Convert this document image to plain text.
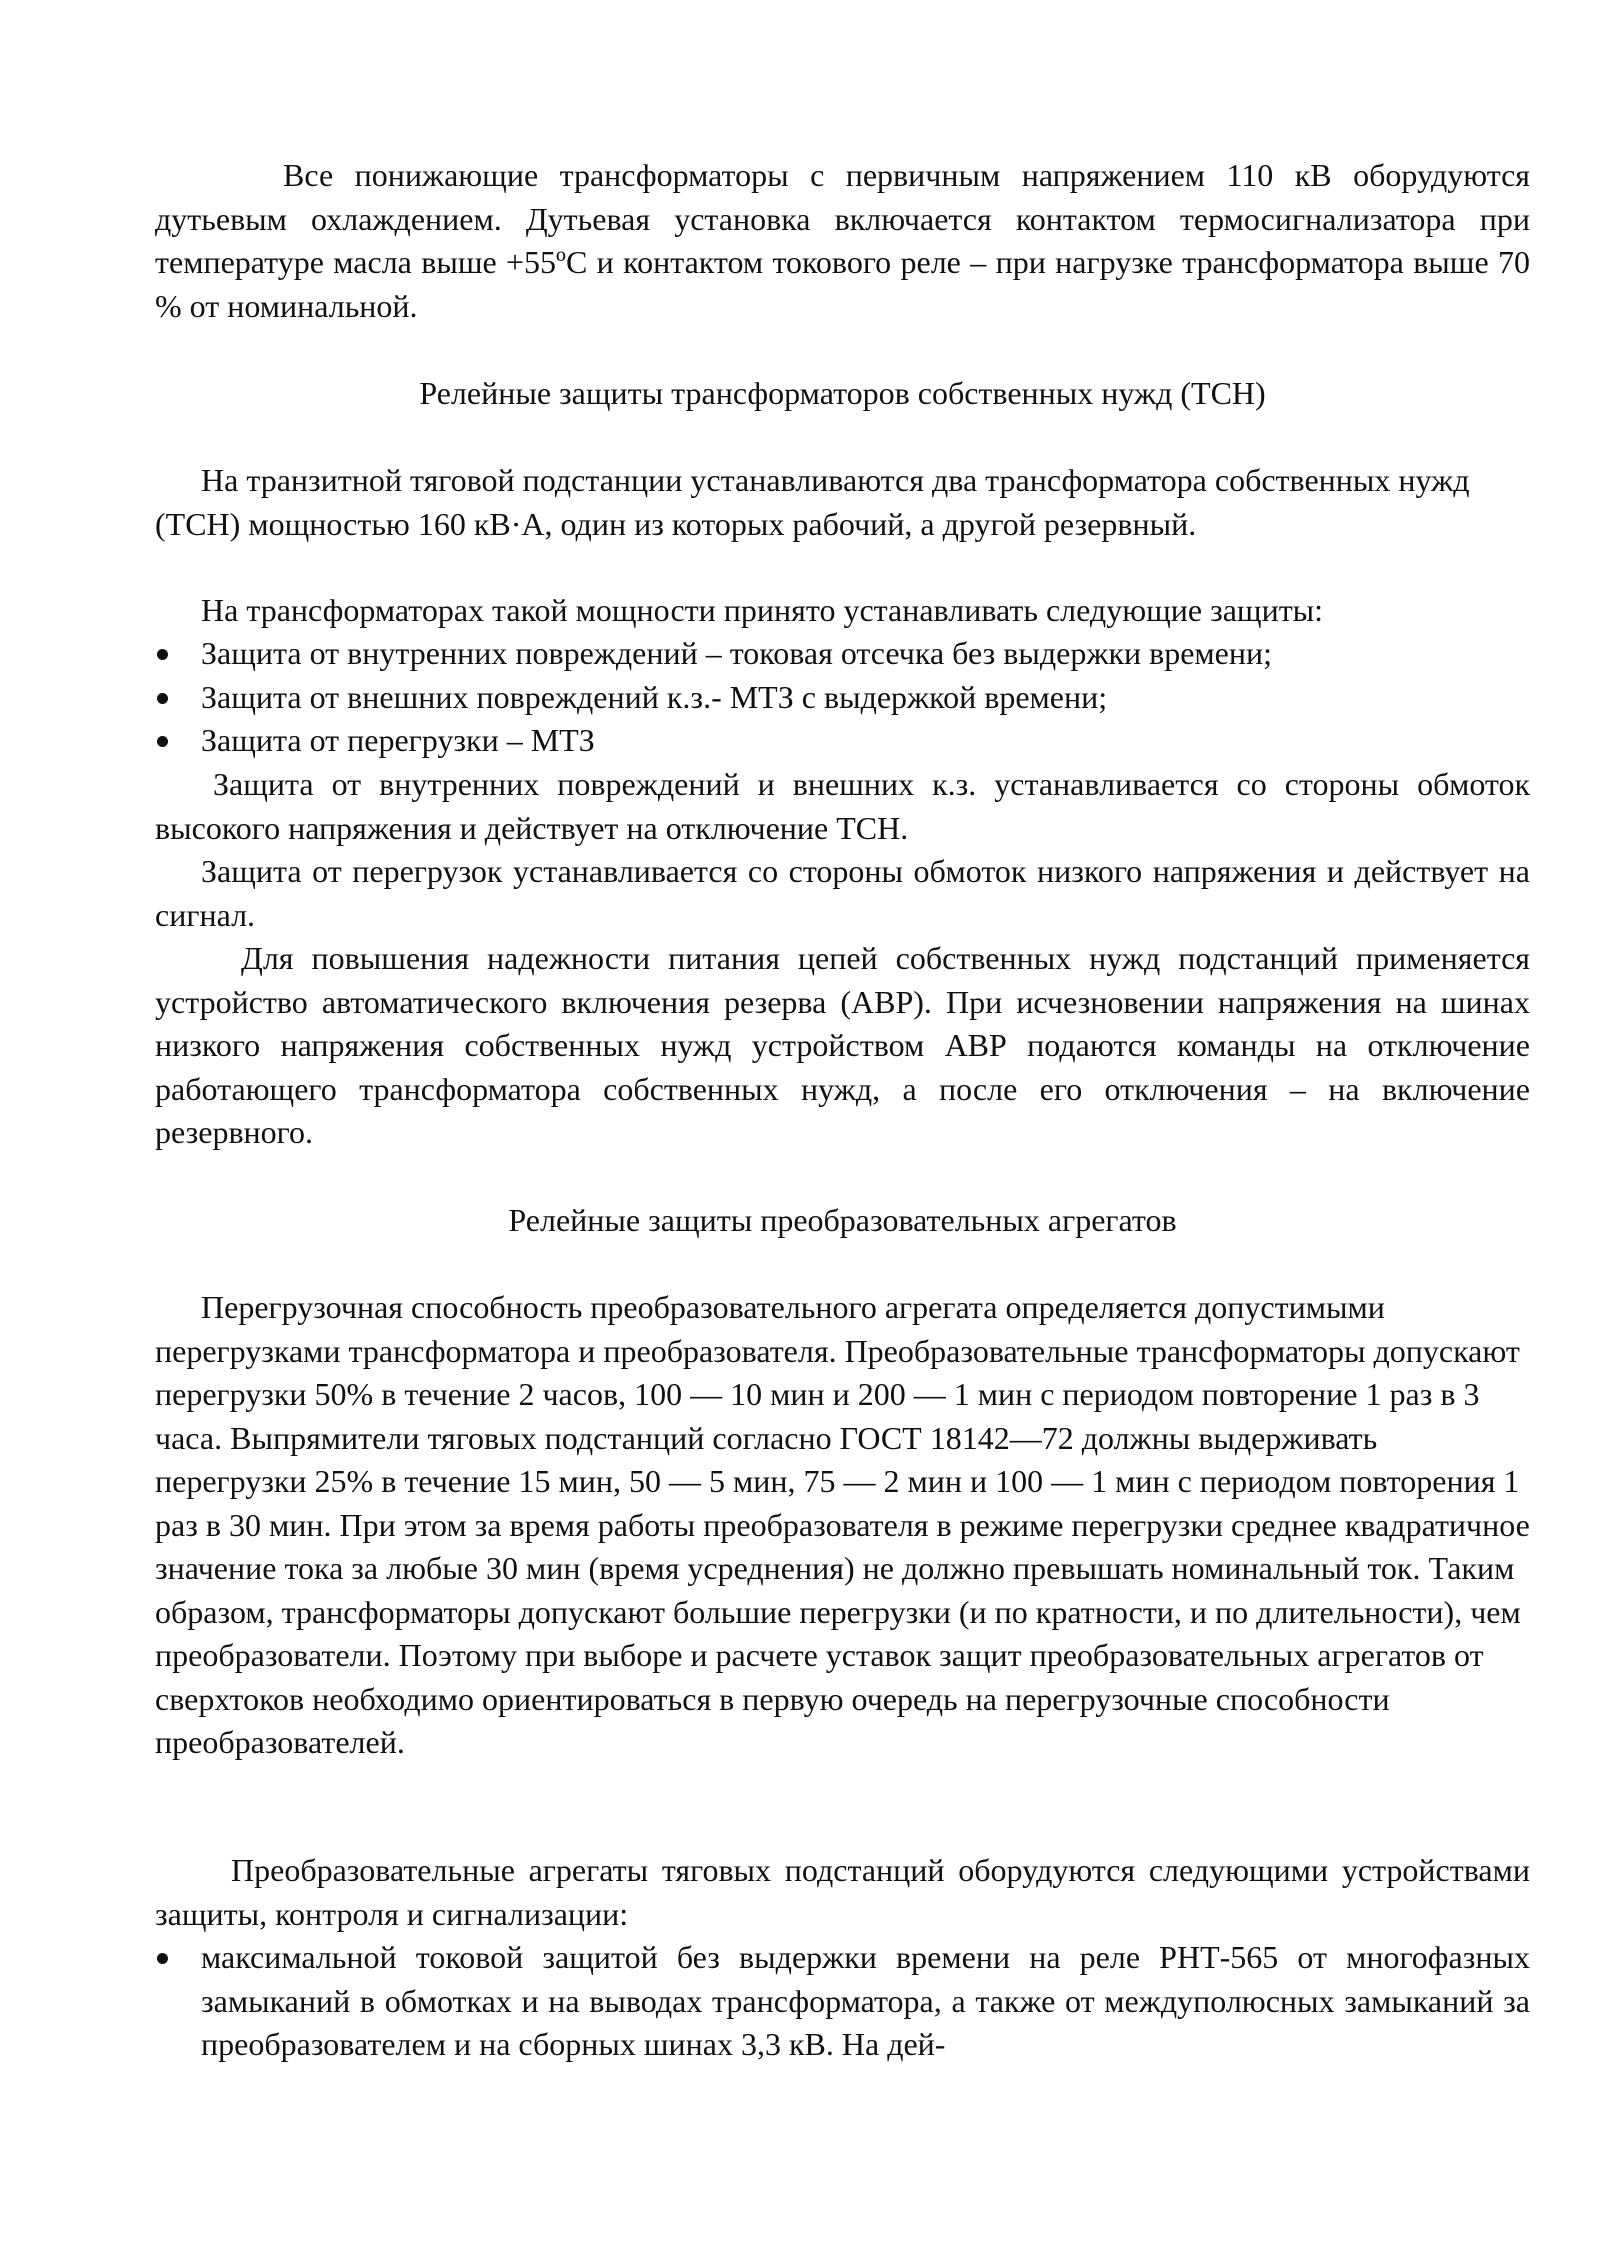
Все понижающие трансформаторы с первичным напряжением 110 кВ оборудуются дутьевым охлаждением. Дутьевая установка включается контактом термосигнализатора при температуре масла выше +55ºС и контактом токового реле – при нагрузке трансформатора выше 70 % от номинальной.

Релейные защиты трансформаторов собственных нужд (ТСН)

На транзитной тяговой подстанции устанавливаются два трансформатора собственных нужд (ТСН) мощностью 160 кВ·А, один из которых рабочий, а другой резервный.

На трансформаторах такой мощности принято устанавливать следующие защиты:

Защита от внутренних повреждений – токовая отсечка без выдержки времени;
Защита от внешних повреждений к.з.- МТЗ с выдержкой времени;
Защита от перегрузки – МТЗ

Защита от внутренних повреждений и внешних к.з. устанавливается со стороны обмоток высокого напряжения и действует на отключение ТСН.

Защита от перегрузок устанавливается со стороны обмоток низкого напряжения и действует на сигнал.

Для повышения надежности питания цепей собственных нужд подстанций применяется устройство автоматического включения резерва (АВР). При исчезновении напряжения на шинах низкого напряжения собственных нужд устройством АВР подаются команды на отключение работающего трансформатора собственных нужд, а после его отключения – на включение резервного.

Релейные защиты преобразовательных агрегатов

Перегрузочная способность преобразовательного агрегата определяется допустимыми перегрузками трансформатора и преобразователя. Преобразовательные трансформаторы допускают перегрузки 50% в течение 2 часов, 100 — 10 мин и 200 — 1 мин с периодом повторение 1 раз в 3 часа. Выпрямители тяговых подстанций согласно ГОСТ 18142—72 должны выдерживать перегрузки 25% в течение 15 мин, 50 — 5 мин, 75 — 2 мин и 100 — 1 мин с периодом повторения 1 раз в 30 мин. При этом за время работы преобразователя в режиме перегрузки среднее квадратичное значение тока за любые 30 мин (время усреднения) не должно превышать номинальный ток. Таким образом, трансформаторы допускают большие перегрузки (и по кратности, и по длительности), чем преобразователи. Поэтому при выборе и расчете уставок защит преобразовательных агрегатов от сверхтоков необходимо ориентироваться в первую очередь на перегрузочные способности преобразователей.

Преобразовательные агрегаты тяговых подстанций оборудуются следующими устройствами защиты, контроля и сигнализации:

максимальной токовой защитой без выдержки времени на реле РНТ-565 от многофазных замыканий в обмотках и на выводах трансформатора, а также от междуполюсных замыканий за преобразователем и на сборных шинах 3,3 кВ. На дей-
